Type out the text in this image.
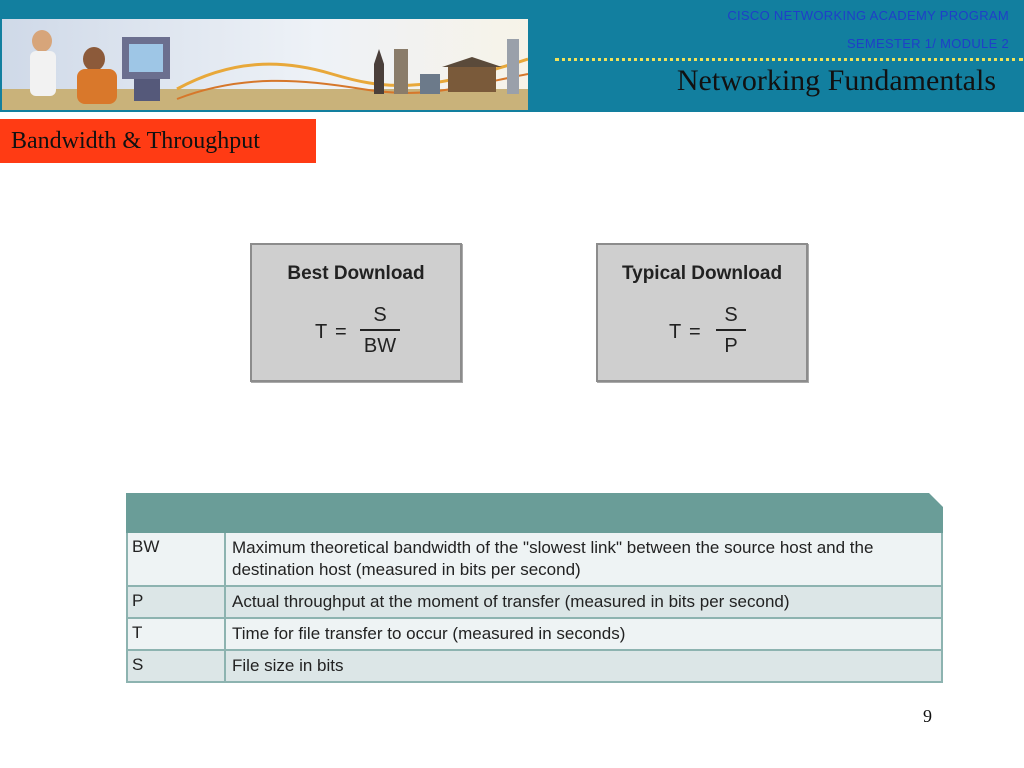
CISCO NETWORKING ACADEMY PROGRAM
SEMESTER 1/ MODULE 2
Networking Fundamentals
Bandwidth & Throughput
Best Download
T =
S
BW
Typical Download
T =
S
P
BW	Maximum theoretical bandwidth of the "slowest link" between the source host and the destination host (measured in bits per second)
P	Actual throughput at the moment of transfer (measured in bits per second)
T	Time for file transfer to occur (measured in seconds)
S	File size in bits
9
